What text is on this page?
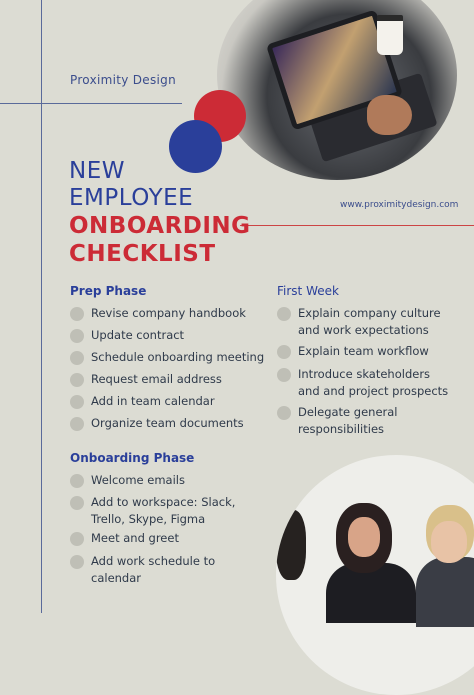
Proximity Design
www.proximitydesign.com
NEW
EMPLOYEE
ONBOARDING
CHECKLIST
Prep Phase
Revise company handbook
Update contract
Schedule onboarding meeting
Request email address
Add in team calendar
Organize team documents
First Week
Explain company culture
and work expectations
Explain team workflow
Introduce skateholders
and and project prospects
Delegate general
responsibilities
Onboarding Phase
Welcome emails
Add to workspace: Slack,
Trello, Skype, Figma
Meet and greet
Add work schedule to
calendar
